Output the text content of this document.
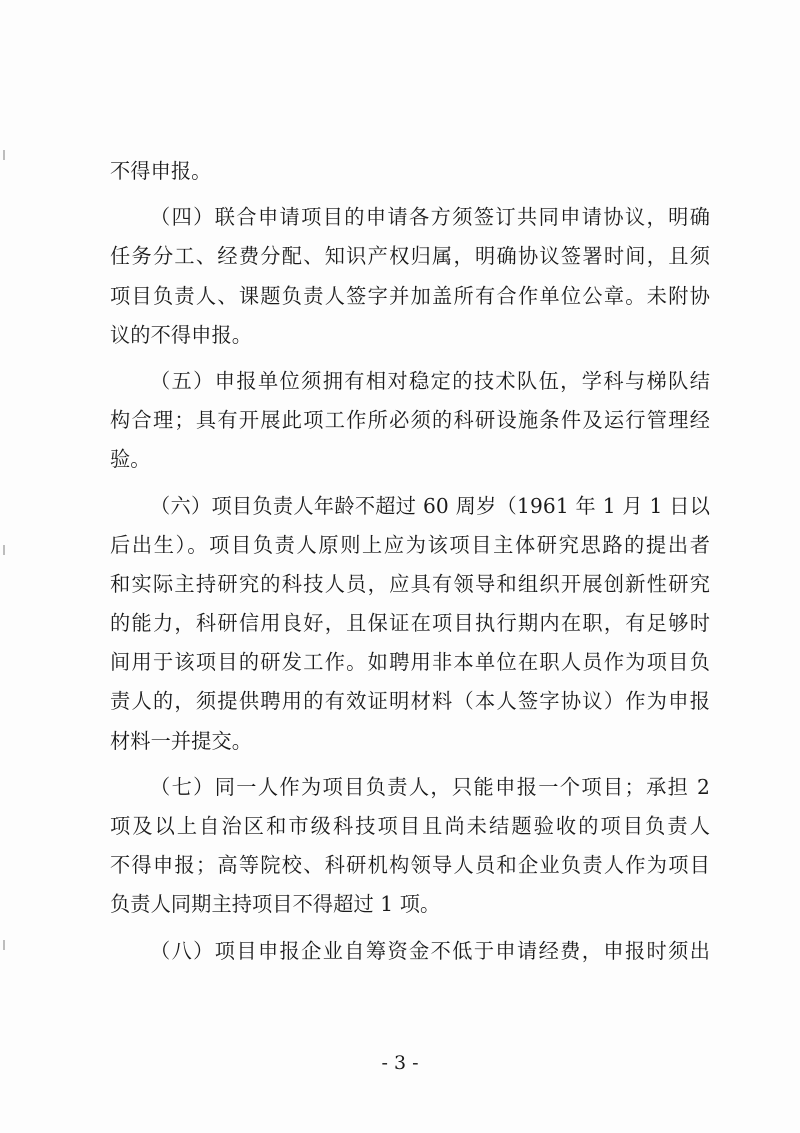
不得申报。
（四）联合申请项目的申请各方须签订共同申请协议，明确
任务分工、经费分配、知识产权归属，明确协议签署时间，且须
项目负责人、课题负责人签字并加盖所有合作单位公章。未附协
议的不得申报。
（五）申报单位须拥有相对稳定的技术队伍，学科与梯队结
构合理；具有开展此项工作所必须的科研设施条件及运行管理经
验。
（六）项目负责人年龄不超过 60 周岁（1961 年 1 月 1 日以
后出生）。项目负责人原则上应为该项目主体研究思路的提出者
和实际主持研究的科技人员，应具有领导和组织开展创新性研究
的能力，科研信用良好，且保证在项目执行期内在职，有足够时
间用于该项目的研发工作。如聘用非本单位在职人员作为项目负
责人的，须提供聘用的有效证明材料（本人签字协议）作为申报
材料一并提交。
（七）同一人作为项目负责人，只能申报一个项目；承担 2
项及以上自治区和市级科技项目且尚未结题验收的项目负责人
不得申报；高等院校、科研机构领导人员和企业负责人作为项目
负责人同期主持项目不得超过 1 项。
（八）项目申报企业自筹资金不低于申请经费，申报时须出
- 3 -
